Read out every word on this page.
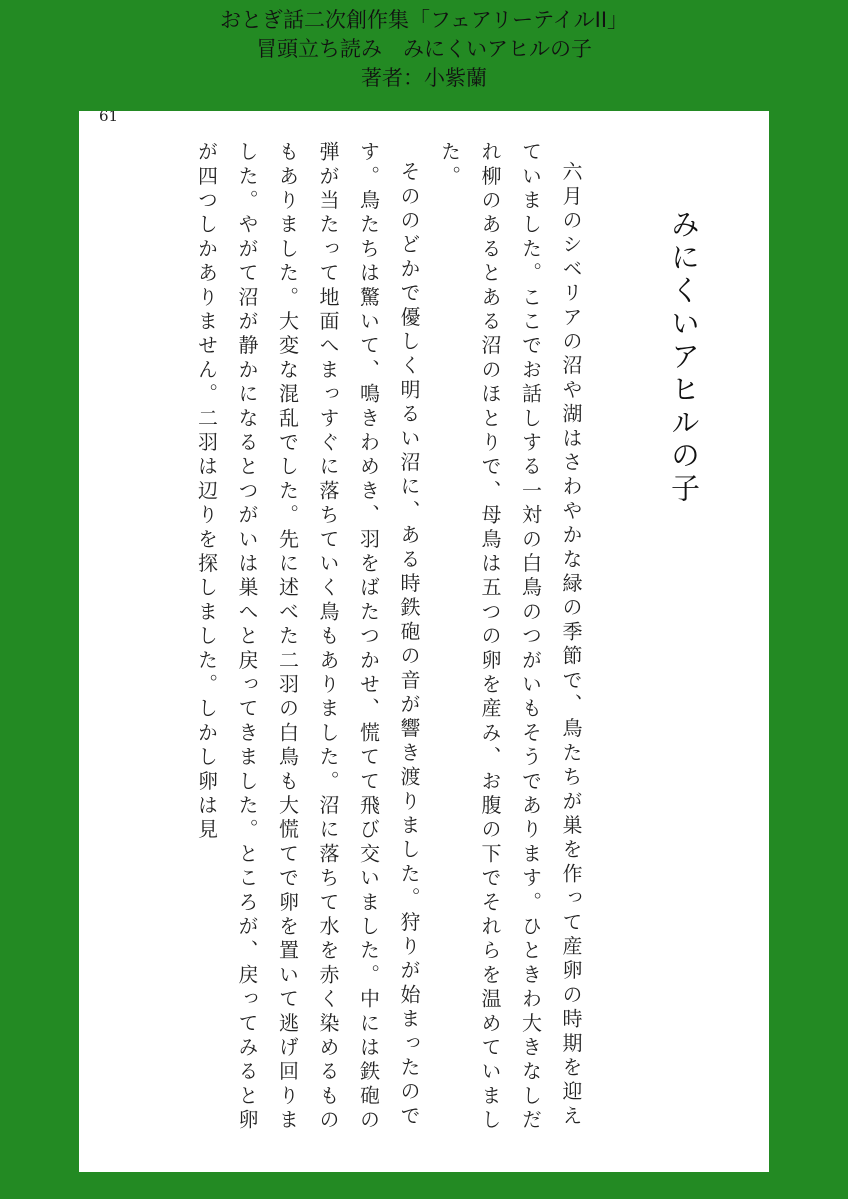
おとぎ話二次創作集「フェアリーテイルII」
冒頭立ち読み　みにくいアヒルの子
著者：小紫蘭
61
みにくいアヒルの子

六月のシベリアの沼や湖はさわやかな緑の季節で、鳥たちが巣を作って産卵の時期を迎えていました。ここでお話しする一対の白鳥のつがいもそうであります。ひときわ大きなしだれ柳のあるとある沼のほとりで、母鳥は五つの卵を産み、お腹の下でそれらを温めていました。

そののどかで優しく明るい沼に、ある時鉄砲の音が響き渡りました。狩りが始まったのです。鳥たちは驚いて、鳴きわめき、羽をばたつかせ、慌てて飛び交いました。中には鉄砲の弾が当たって地面へまっすぐに落ちていく鳥もありました。沼に落ちて水を赤く染めるものもありました。大変な混乱でした。先に述べた二羽の白鳥も大慌てで卵を置いて逃げ回りました。やがて沼が静かになるとつがいは巣へと戻ってきました。ところが、戻ってみると卵が四つしかありません。二羽は辺りを探しました。しかし卵は見
